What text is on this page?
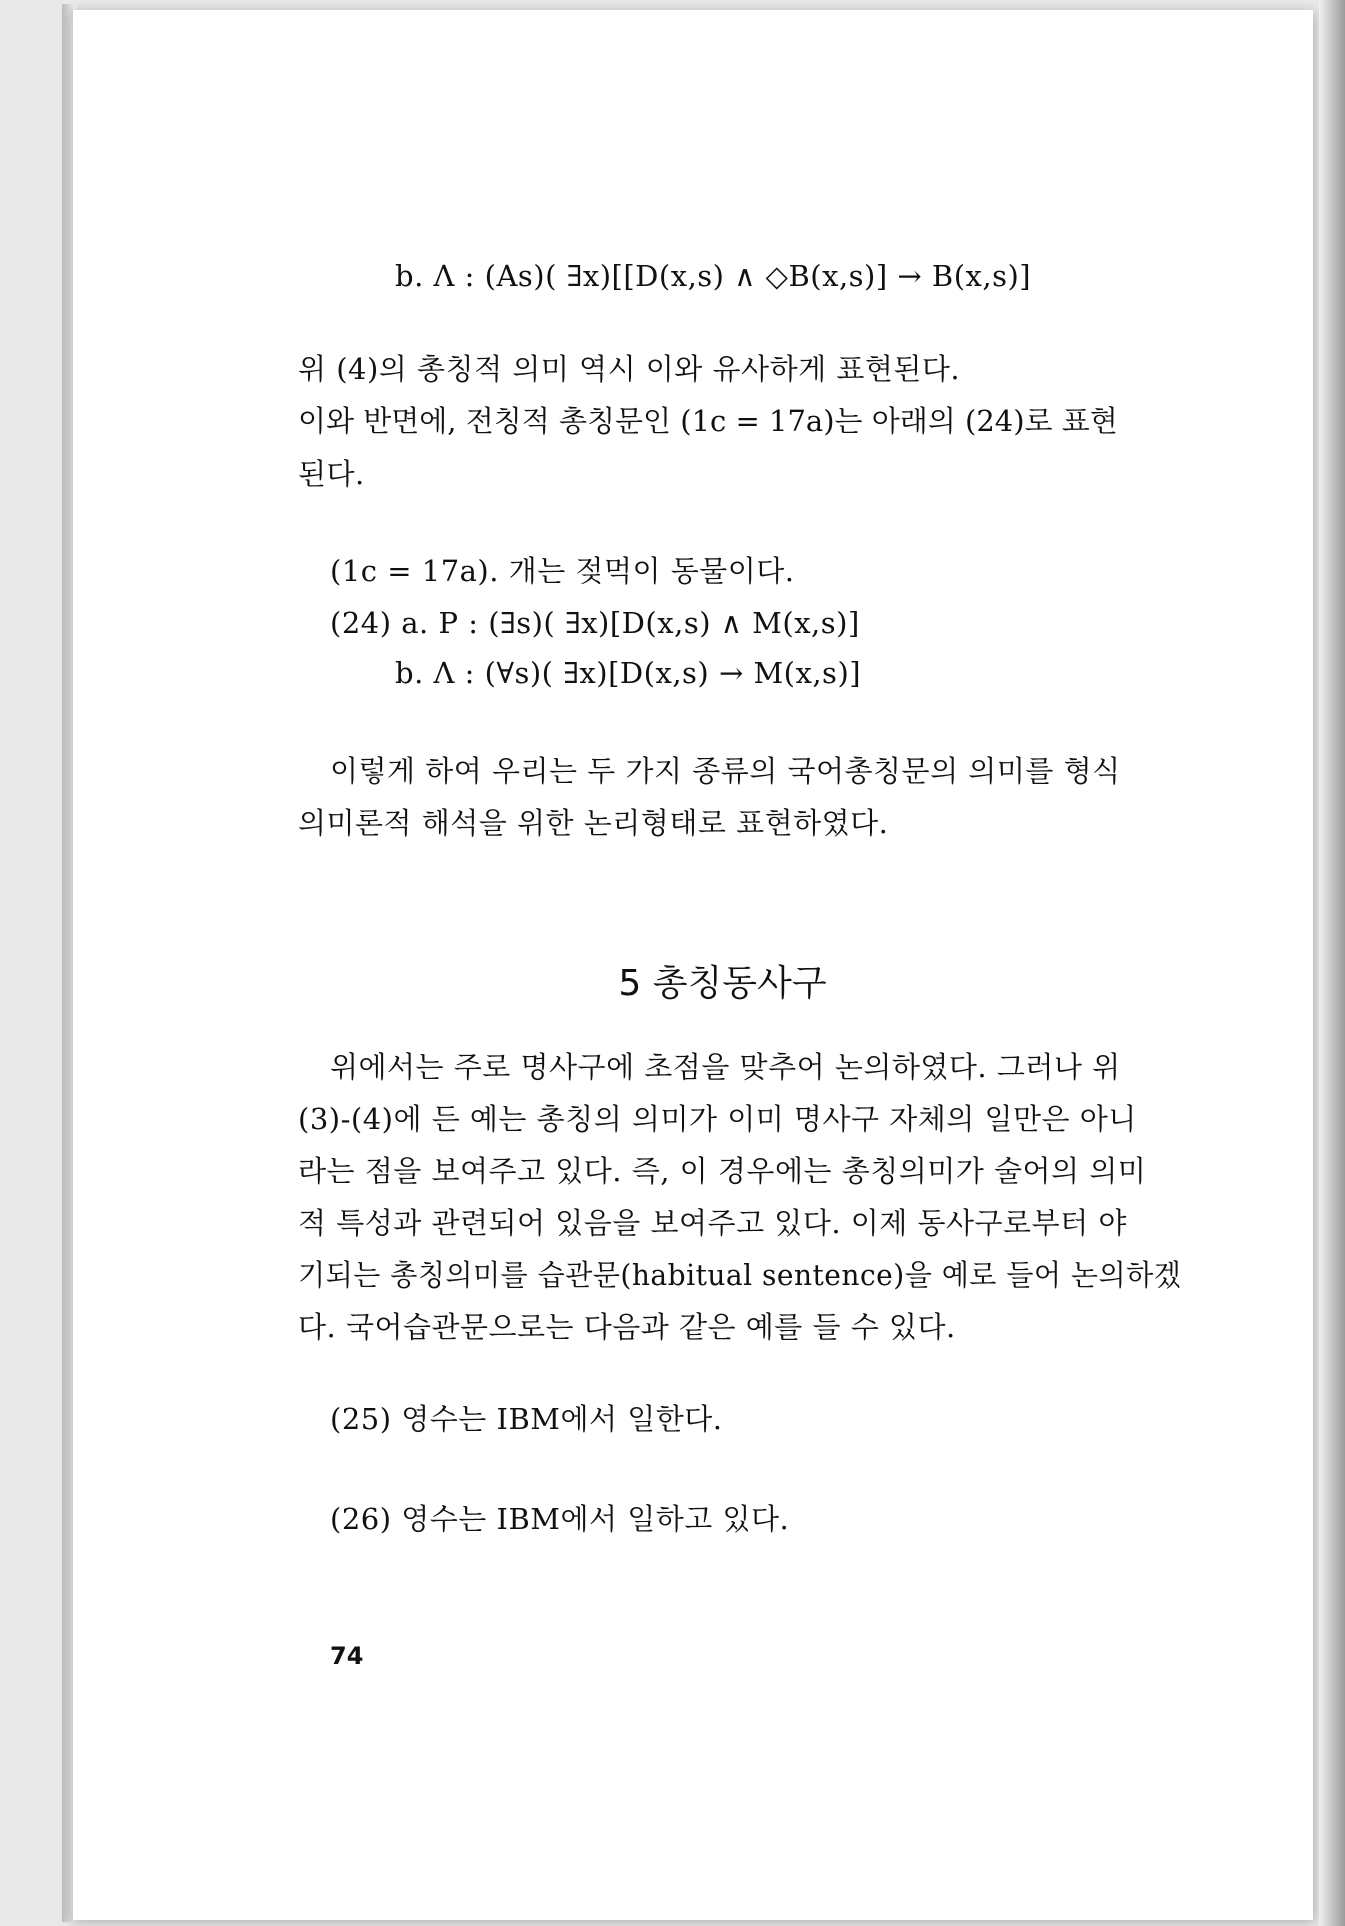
b. Λ : (As)( ∃x)[[D(x,s) ∧ ◇B(x,s)] → B(x,s)]
위 (4)의 총칭적 의미 역시 이와 유사하게 표현된다.
이와 반면에, 전칭적 총칭문인 (1c = 17a)는 아래의 (24)로 표현
된다.
(1c = 17a). 개는 젖먹이 동물이다.
(24) a. P : (∃s)( ∃x)[D(x,s) ∧ M(x,s)]
b. Λ : (∀s)( ∃x)[D(x,s) → M(x,s)]
이렇게 하여 우리는 두 가지 종류의 국어총칭문의 의미를 형식
의미론적 해석을 위한 논리형태로 표현하였다.
5 총칭동사구
위에서는 주로 명사구에 초점을 맞추어 논의하였다. 그러나 위
(3)-(4)에 든 예는 총칭의 의미가 이미 명사구 자체의 일만은 아니
라는 점을 보여주고 있다. 즉, 이 경우에는 총칭의미가 술어의 의미
적 특성과 관련되어 있음을 보여주고 있다. 이제 동사구로부터 야
기되는 총칭의미를 습관문(habitual sentence)을 예로 들어 논의하겠
다. 국어습관문으로는 다음과 같은 예를 들 수 있다.
(25) 영수는 IBM에서 일한다.
(26) 영수는 IBM에서 일하고 있다.
74
